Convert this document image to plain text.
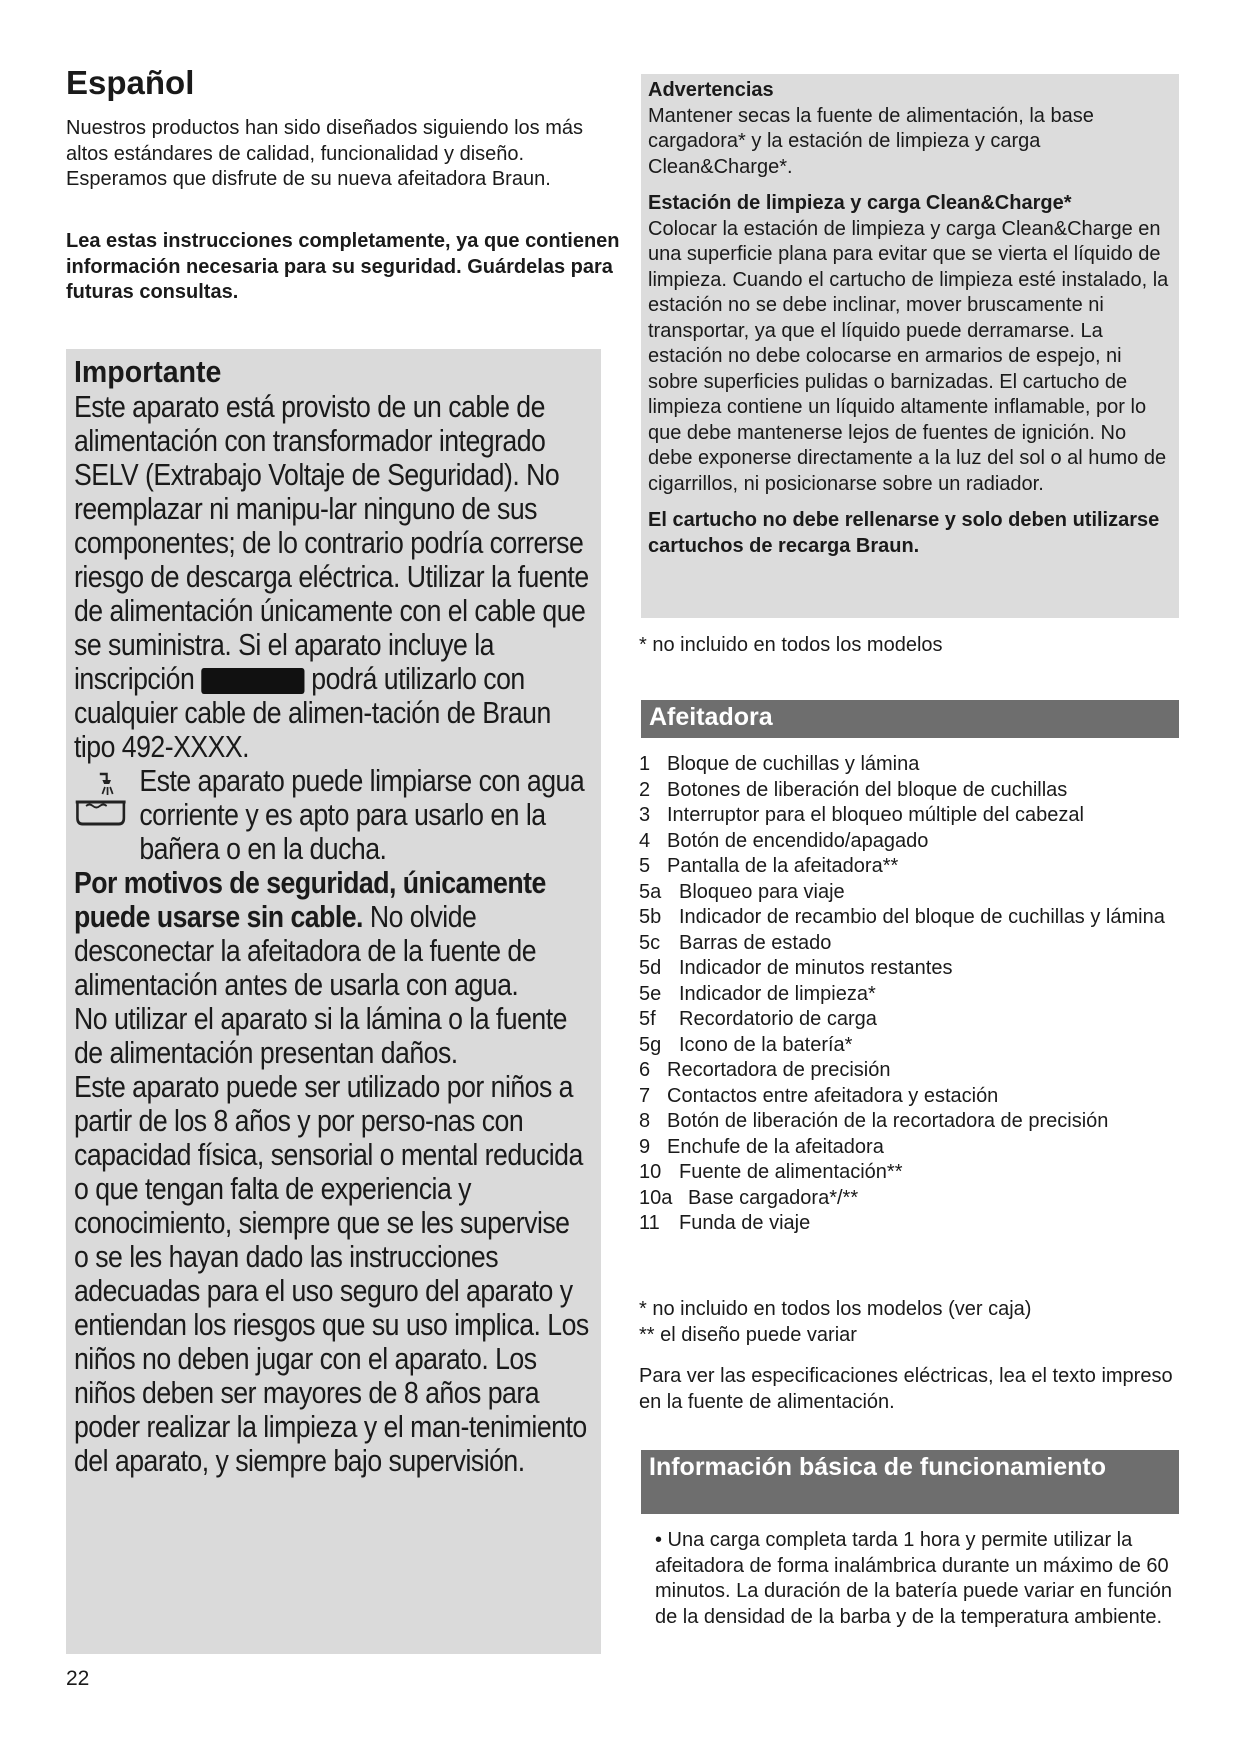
Español

Nuestros productos han sido diseñados siguiendo los más altos estándares de calidad, funcionalidad y diseño. Esperamos que disfrute de su nueva afeitadora Braun.

Lea estas instrucciones completamente, ya que contienen información necesaria para su seguridad. Guárdelas para futuras consultas.

Importante

Este aparato está provisto de un cable de alimentación con transformador integrado SELV (Extrabajo Voltaje de Seguridad). No reemplazar ni manipu-lar ninguno de sus componentes; de lo contrario podría correrse riesgo de descarga eléctrica. Utilizar la fuente de alimentación únicamente con el cable que se suministra. Si el aparato incluye la inscripción	podrá utilizarlo con cualquier cable de alimen-tación de Braun tipo 492-XXXX.

Este aparato puede limpiarse con agua corriente y es apto para usarlo en la bañera o en la ducha.

Por motivos de seguridad, únicamente puede usarse sin cable. No olvide desconectar la afeitadora de la fuente de alimentación antes de usarla con agua.

No utilizar el aparato si la lámina o la fuente de alimentación presentan daños.

Este aparato puede ser utilizado por niños a partir de los 8 años y por perso-nas con capacidad física, sensorial o mental reducida o que tengan falta de experiencia y conocimiento, siempre que se les supervise o se les hayan dado las instrucciones adecuadas para el uso seguro del aparato y entiendan los riesgos que su uso implica. Los niños no deben jugar con el aparato. Los niños deben ser mayores de 8 años para poder realizar la limpieza y el man-tenimiento del aparato, y siempre bajo supervisión.

22
Advertencias

Mantener secas la fuente de alimentación, la base cargadora* y la estación de limpieza y carga Clean&Charge*.

Estación de limpieza y carga Clean&Charge*

Colocar la estación de limpieza y carga Clean&Charge en una superficie plana para evitar que se vierta el líquido de limpieza. Cuando el cartucho de limpieza esté instalado, la estación no se debe inclinar, mover bruscamente ni transportar, ya que el líquido puede derramarse. La estación no debe colocarse en armarios de espejo, ni sobre superficies pulidas o barnizadas. El cartucho de limpieza contiene un líquido altamente inflamable, por lo que debe mantenerse lejos de fuentes de ignición. No debe exponerse directamente a la luz del sol o al humo de cigarrillos, ni posicionarse sobre un radiador.

El cartucho no debe rellenarse y solo deben utilizarse cartuchos de recarga Braun.

* no incluido en todos los modelos
Afeitadora
1 Bloque de cuchillas y lámina
2 Botones de liberación del bloque de cuchillas
3 Interruptor para el bloqueo múltiple del cabezal
4 Botón de encendido/apagado
5 Pantalla de la afeitadora**
5a Bloqueo para viaje
5b Indicador de recambio del bloque de cuchillas y lámina
5c Barras de estado
5d Indicador de minutos restantes
5e Indicador de limpieza*
5f	Recordatorio de carga
5g Icono de la batería*
6 Recortadora de precisión
7 Contactos entre afeitadora y estación
8 Botón de liberación de la recortadora de precisión
9 Enchufe de la afeitadora
10 Fuente de alimentación**
10a Base cargadora*/**
11 Funda de viaje
* no incluido en todos los modelos (ver caja)
** el diseño puede variar

Para ver las especificaciones eléctricas, lea el texto impreso en la fuente de alimentación.

Información básica de funcionamiento
• Una carga completa tarda 1 hora y permite utilizar la afeitadora de forma inalámbrica durante un máximo de 60 minutos. La duración de la batería puede variar en función de la densidad de la barba y de la temperatura ambiente.
